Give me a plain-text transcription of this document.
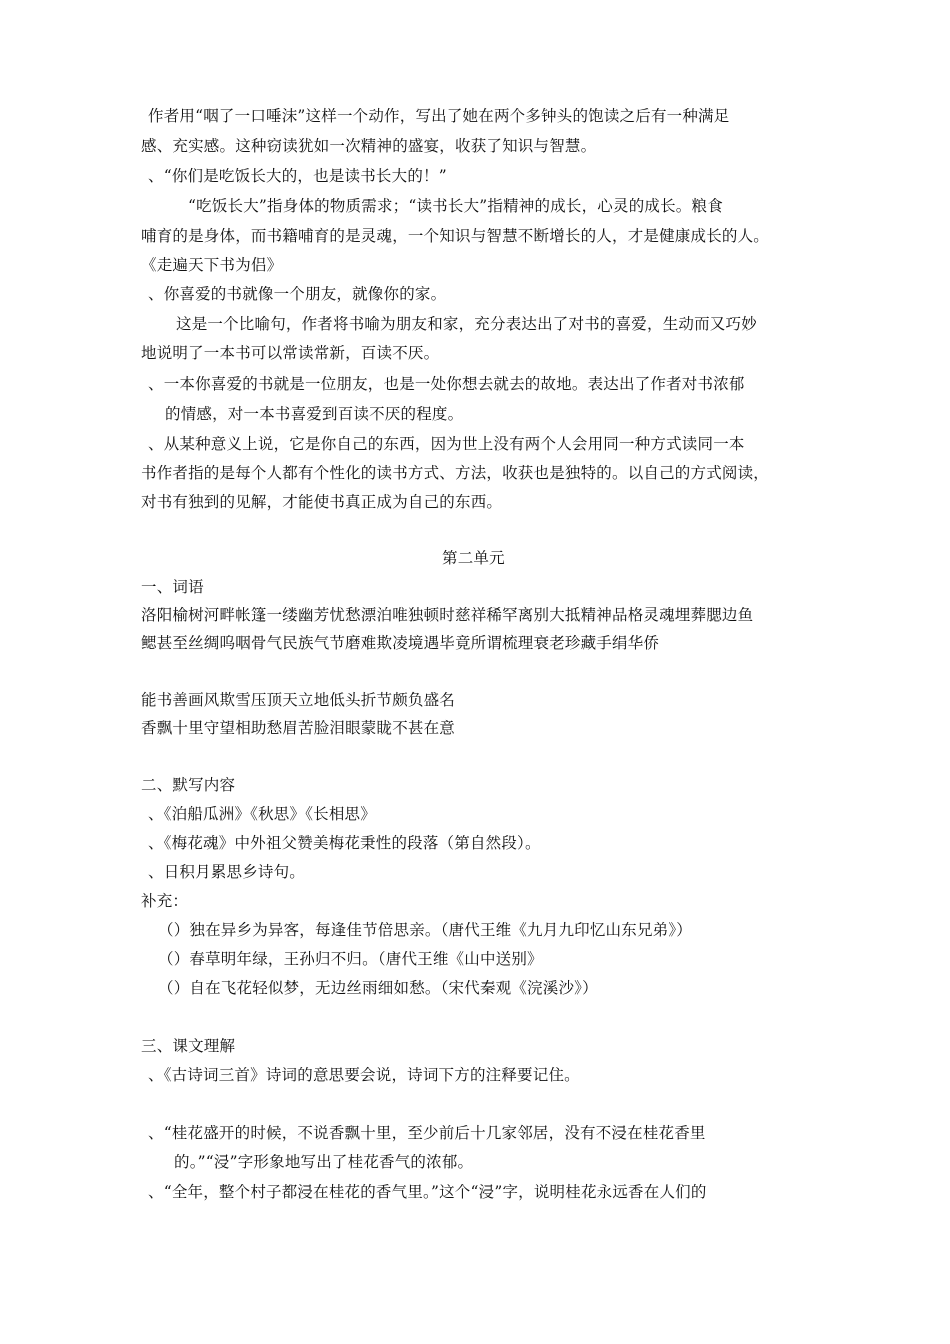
作者用“咽了一口唾沫”这样一个动作，写出了她在两个多钟头的饱读之后有一种满足
感、充实感。这种窃读犹如一次精神的盛宴，收获了知识与智慧。
、“你们是吃饭长大的，也是读书长大的！”
“吃饭长大”指身体的物质需求；“读书长大”指精神的成长，心灵的成长。粮食
哺育的是身体，而书籍哺育的是灵魂，一个知识与智慧不断增长的人，才是健康成长的人。
《走遍天下书为侣》
、你喜爱的书就像一个朋友，就像你的家。
这是一个比喻句，作者将书喻为朋友和家，充分表达出了对书的喜爱，生动而又巧妙
地说明了一本书可以常读常新，百读不厌。
、一本你喜爱的书就是一位朋友，也是一处你想去就去的故地。表达出了作者对书浓郁
的情感，对一本书喜爱到百读不厌的程度。
、从某种意义上说，它是你自己的东西，因为世上没有两个人会用同一种方式读同一本
书作者指的是每个人都有个性化的读书方式、方法，收获也是独特的。以自己的方式阅读，
对书有独到的见解，才能使书真正成为自己的东西。
第二单元
一、词语
洛阳榆树河畔帐篷一缕幽芳忧愁漂泊唯独顿时慈祥稀罕离别大抵精神品格灵魂埋葬腮边鱼
鳃甚至丝绸呜咽骨气民族气节磨难欺凌境遇毕竟所谓梳理衰老珍藏手绢华侨
能书善画风欺雪压顶天立地低头折节颇负盛名
香飘十里守望相助愁眉苦脸泪眼蒙眬不甚在意
二、默写内容
、《泊船瓜洲》《秋思》《长相思》
、《梅花魂》中外祖父赞美梅花秉性的段落（第自然段）。
、日积月累思乡诗句。
补充：
（）独在异乡为异客，每逢佳节倍思亲。（唐代王维《九月九印忆山东兄弟》）
（）春草明年绿，王孙归不归。（唐代王维《山中送别》
（）自在飞花轻似梦，无边丝雨细如愁。（宋代秦观《浣溪沙》）
三、课文理解
、《古诗词三首》诗词的意思要会说，诗词下方的注释要记住。
、“桂花盛开的时候，不说香飘十里，至少前后十几家邻居，没有不浸在桂花香里
的。”“浸”字形象地写出了桂花香气的浓郁。
、“全年，整个村子都浸在桂花的香气里。”这个“浸”字，说明桂花永远香在人们的
